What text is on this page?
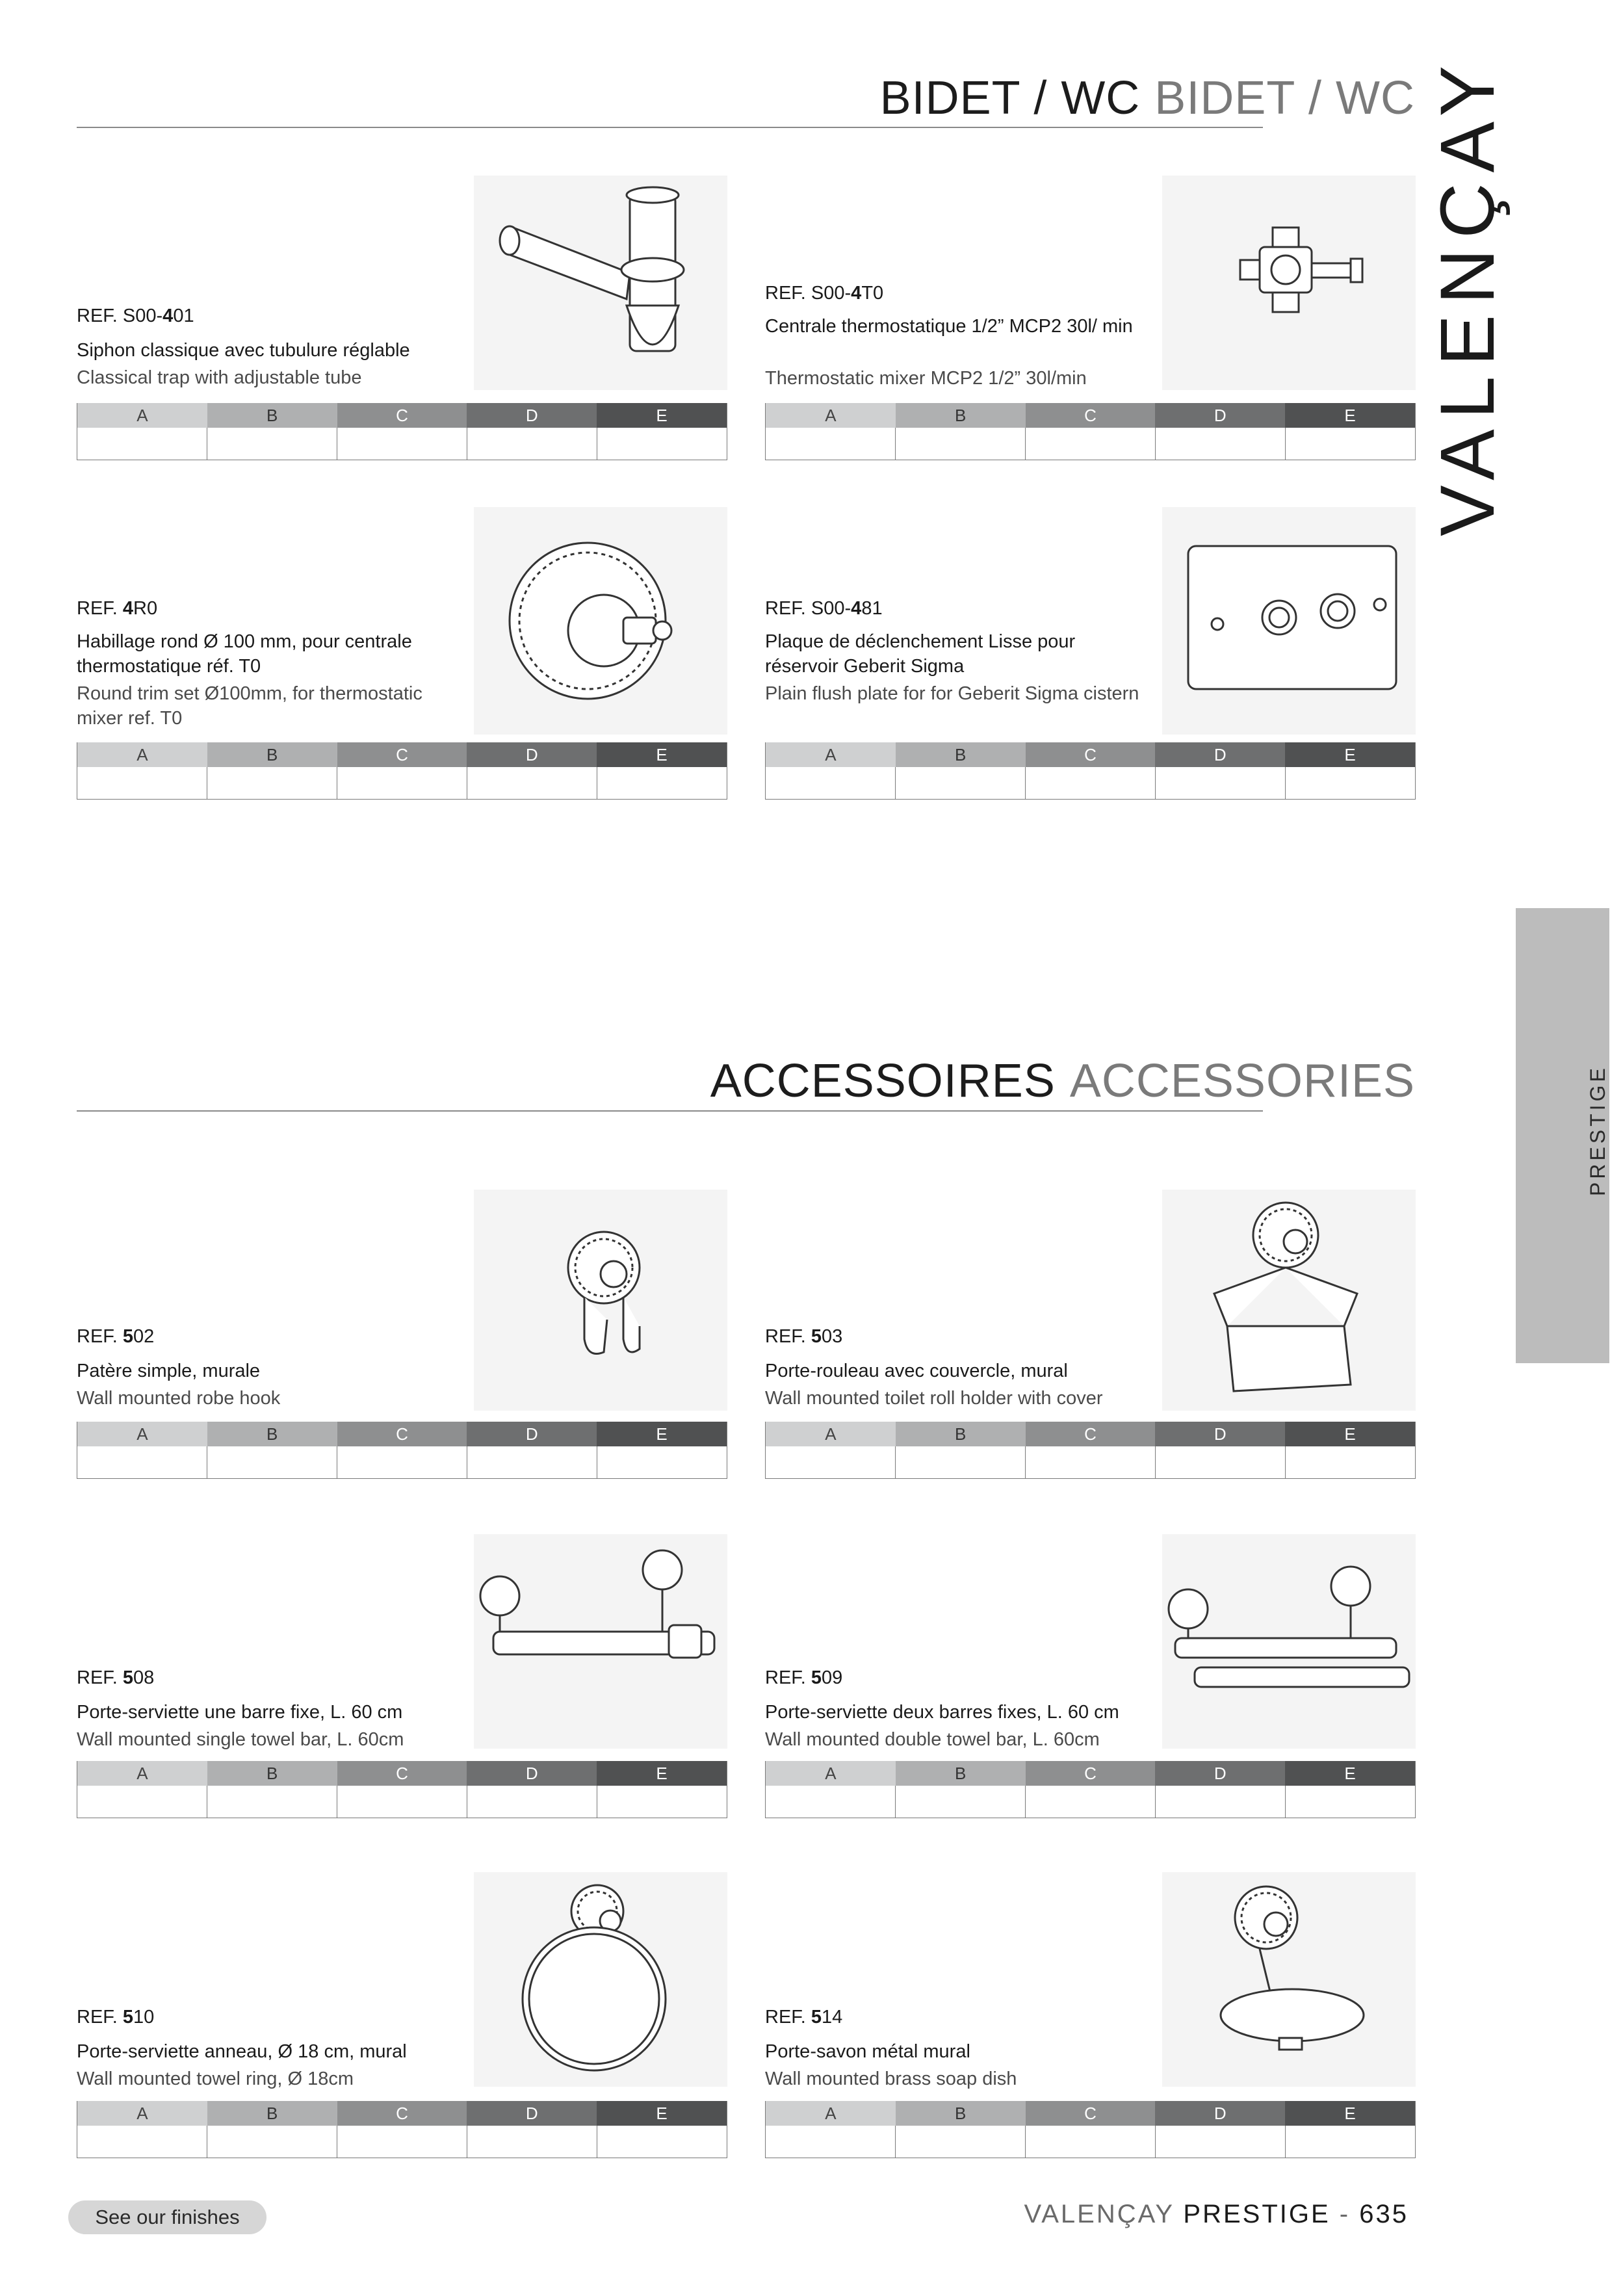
BIDET / WC BIDET / WC
ACCESSOIRES ACCESSORIES
VALENÇAY
PRESTIGE
REF. S00-401
Siphon classique avec tubulure réglable
Classical trap with adjustable tube
A	B	C	D	E
REF. S00-4T0
Centrale thermostatique 1/2” MCP2 30l/ min
Thermostatic mixer MCP2 1/2” 30l/min
A	B	C	D	E
REF. 4R0
Habillage rond Ø 100 mm, pour centrale thermostatique réf. T0
Round trim set Ø100mm, for thermostatic mixer ref. T0
A	B	C	D	E
REF. S00-481
Plaque de déclenchement Lisse pour réservoir Geberit Sigma
Plain flush plate for for Geberit Sigma cistern
A	B	C	D	E
REF. 502
Patère simple, murale
Wall mounted robe hook
A	B	C	D	E
REF. 503
Porte-rouleau avec couvercle, mural
Wall mounted toilet roll holder with cover
A	B	C	D	E
REF. 508
Porte-serviette une barre fixe, L. 60 cm
Wall mounted single towel bar, L. 60cm
A	B	C	D	E
REF. 509
Porte-serviette deux barres fixes, L. 60 cm
Wall mounted double towel bar, L. 60cm
A	B	C	D	E
REF. 510
Porte-serviette anneau, Ø 18 cm, mural
Wall mounted towel ring, Ø 18cm
A	B	C	D	E
REF. 514
Porte-savon métal mural
Wall mounted brass soap dish
A	B	C	D	E
See our finishes	VALENÇAY PRESTIGE - 635
